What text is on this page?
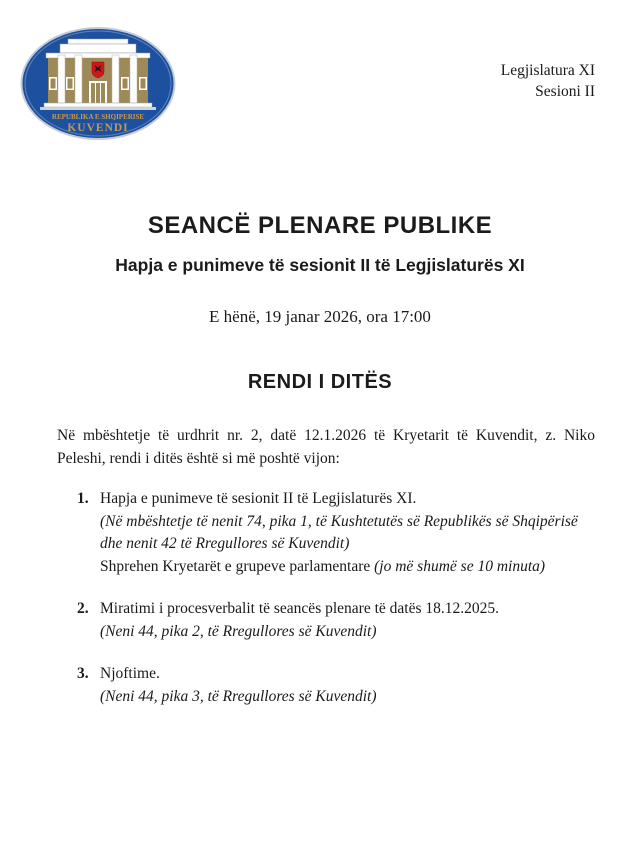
REPUBLIKA E SHQIPERISE
KUVENDI
Legjislatura XI
Sesioni II
SEANCË PLENARE PUBLIKE
Hapja e punimeve të sesionit II të Legjislaturës XI
E hënë, 19 janar 2026, ora 17:00
RENDI I DITËS

Në mbështetje të urdhrit nr. 2, datë 12.1.2026 të Kryetarit të Kuvendit, z. Niko Peleshi, rendi i ditës është si më poshtë vijon:

1. Hapja e punimeve të sesionit II të Legjislaturës XI.
(Në mbështetje të nenit 74, pika 1, të Kushtetutës së Republikës së Shqipërisë dhe nenit 42 të Rregullores së Kuvendit)
Shprehen Kryetarët e grupeve parlamentare (jo më shumë se 10 minuta)
2. Miratimi i procesverbalit të seancës plenare të datës 18.12.2025.
(Neni 44, pika 2, të Rregullores së Kuvendit)
3. Njoftime.
(Neni 44, pika 3, të Rregullores së Kuvendit)
